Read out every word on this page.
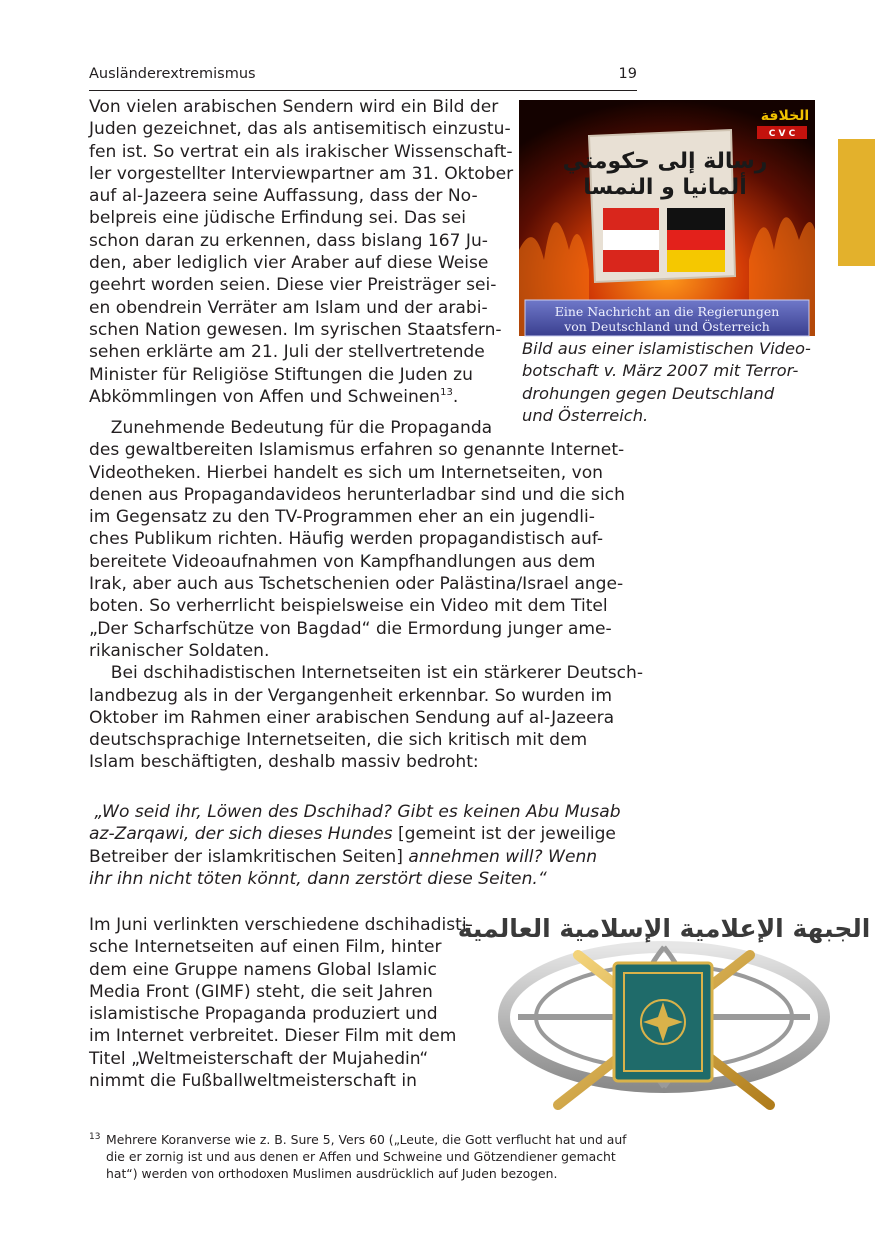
Ausländerextremismus	19
Von vielen arabischen Sendern wird ein Bild der
Juden gezeichnet, das als antisemitisch einzustu-
fen ist. So vertrat ein als irakischer Wissenschaft-
ler vorgestellter Interviewpartner am 31. Oktober
auf al-Jazeera seine Auffassung, dass der No-
belpreis eine jüdische Erfindung sei. Das sei
schon daran zu erkennen, dass bislang 167 Ju-
den, aber lediglich vier Araber auf diese Weise
geehrt worden seien. Diese vier Preisträger sei-
en obendrein Verräter am Islam und der arabi-
schen Nation gewesen. Im syrischen Staatsfern-
sehen erklärte am 21. Juli der stellvertretende
Minister für Religiöse Stiftungen die Juden zu
Abkömmlingen von Affen und Schweinen$^{13}$.
Zunehmende Bedeutung für die Propaganda
des gewaltbereiten Islamismus erfahren so genannte Internet-
Videotheken. Hierbei handelt es sich um Internetseiten, von
denen aus Propagandavideos herunterladbar sind und die sich
im Gegensatz zu den TV-Programmen eher an ein jugendli-
ches Publikum richten. Häufig werden propagandistisch auf-
bereitete Videoaufnahmen von Kampfhandlungen aus dem
Irak, aber auch aus Tschetschenien oder Palästina/Israel ange-
boten. So verherrlicht beispielsweise ein Video mit dem Titel
„Der Scharfschütze von Bagdad“ die Ermordung junger ame-
rikanischer Soldaten.
Bei dschihadistischen Internetseiten ist ein stärkerer Deutsch-
landbezug als in der Vergangenheit erkennbar. So wurden im
Oktober im Rahmen einer arabischen Sendung auf al-Jazeera
deutschsprachige Internetseiten, die sich kritisch mit dem
Islam beschäftigten, deshalb massiv bedroht:
„Wo seid ihr, Löwen des Dschihad? Gibt es keinen Abu Musab
az-Zarqawi, der sich dieses Hundes [gemeint ist der jeweilige
Betreiber der islamkritischen Seiten] annehmen will? Wenn
ihr ihn nicht töten könnt, dann zerstört diese Seiten.“
Im Juni verlinkten verschiedene dschihadisti-
sche Internetseiten auf einen Film, hinter
dem eine Gruppe namens Global Islamic
Media Front (GIMF) steht, die seit Jahren
islamistische Propaganda produziert und
im Internet verbreitet. Dieser Film mit dem
Titel „Weltmeisterschaft der Mujahedin“
nimmt die Fußballweltmeisterschaft in
رسالة إلى حكومتي
ألمانيا و النمسا
الخلافة
C V C
Eine Nachricht an die Regierungen
von Deutschland und Österreich
Bild aus einer islamistischen Video-
botschaft v. März 2007 mit Terror-
drohungen gegen Deutschland
und Österreich.
الجبهة الإعلامية الإسلامية العالمية
13 Mehrere Koranverse wie z. B. Sure 5, Vers 60 („Leute, die Gott verflucht hat und auf
die er zornig ist und aus denen er Affen und Schweine und Götzendiener gemacht
hat“) werden von orthodoxen Muslimen ausdrücklich auf Juden bezogen.
